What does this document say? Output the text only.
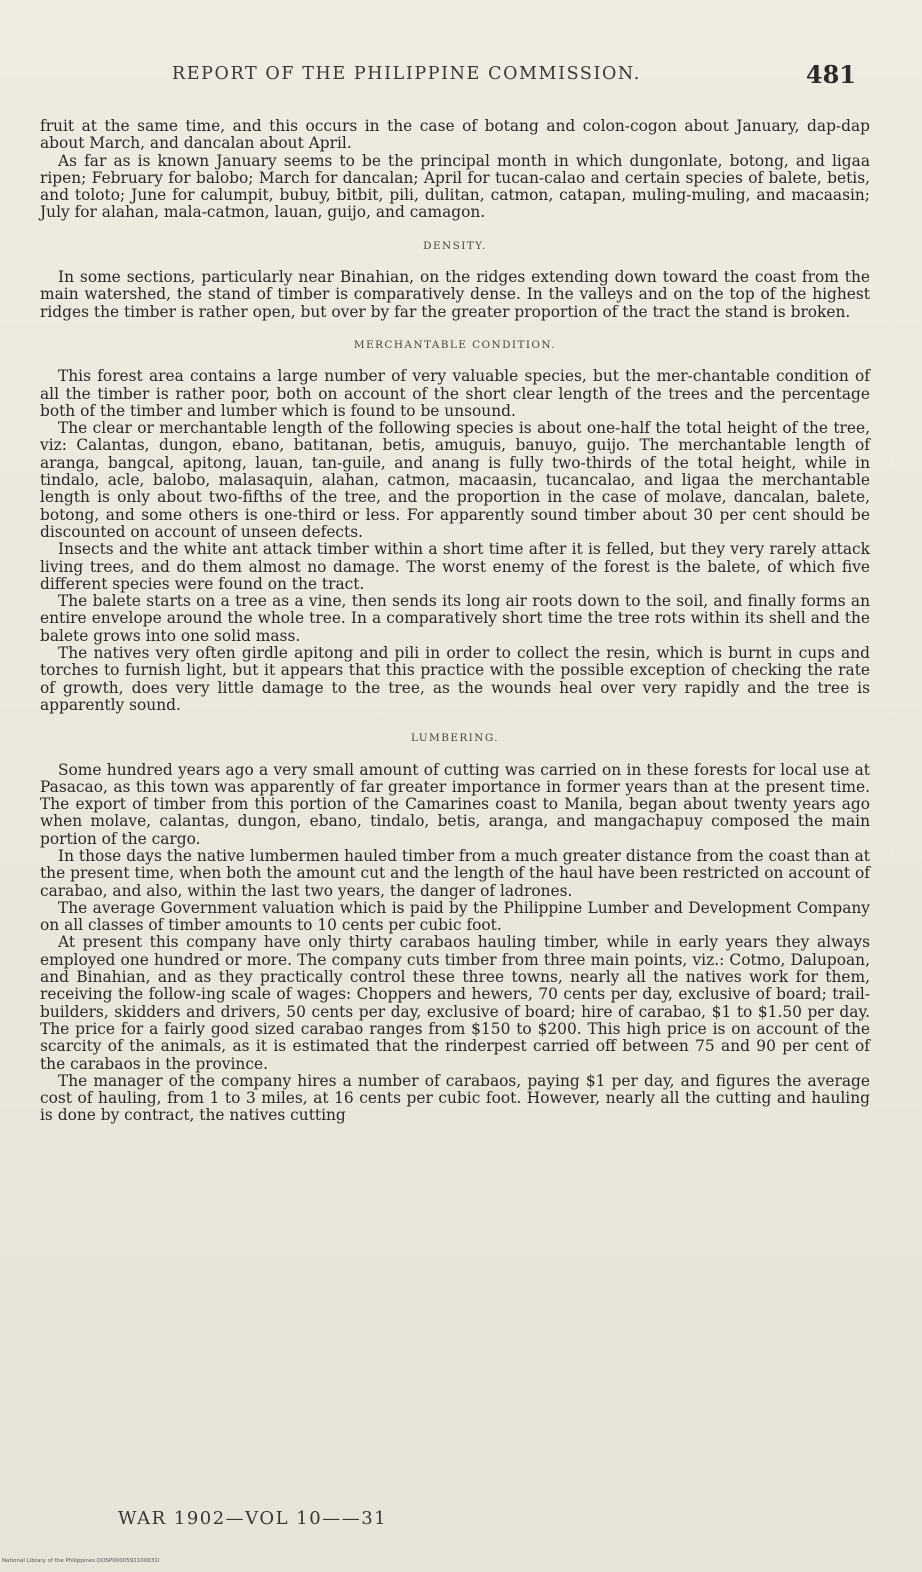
REPORT OF THE PHILIPPINE COMMISSION.	481

fruit at the same time, and this occurs in the case of botang and colon-cogon about January, dap-dap about March, and dancalan about April.

As far as is known January seems to be the principal month in which dungonlate, botong, and ligaa ripen; February for balobo; March for dancalan; April for tucan-calao and certain species of balete, betis, and toloto; June for calumpit, bubuy, bitbit, pili, dulitan, catmon, catapan, muling-muling, and macaasin; July for alahan, mala-catmon, lauan, guijo, and camagon.

DENSITY.

In some sections, particularly near Binahian, on the ridges extending down toward the coast from the main watershed, the stand of timber is comparatively dense. In the valleys and on the top of the highest ridges the timber is rather open, but over by far the greater proportion of the tract the stand is broken.

MERCHANTABLE CONDITION.

This forest area contains a large number of very valuable species, but the mer-chantable condition of all the timber is rather poor, both on account of the short clear length of the trees and the percentage both of the timber and lumber which is found to be unsound.

The clear or merchantable length of the following species is about one-half the total height of the tree, viz: Calantas, dungon, ebano, batitanan, betis, amuguis, banuyo, guijo. The merchantable length of aranga, bangcal, apitong, lauan, tan-guile, and anang is fully two-thirds of the total height, while in tindalo, acle, balobo, malasaquin, alahan, catmon, macaasin, tucancalao, and ligaa the merchantable length is only about two-fifths of the tree, and the proportion in the case of molave, dancalan, balete, botong, and some others is one-third or less. For apparently sound timber about 30 per cent should be discounted on account of unseen defects.

Insects and the white ant attack timber within a short time after it is felled, but they very rarely attack living trees, and do them almost no damage. The worst enemy of the forest is the balete, of which five different species were found on the tract.

The balete starts on a tree as a vine, then sends its long air roots down to the soil, and finally forms an entire envelope around the whole tree. In a comparatively short time the tree rots within its shell and the balete grows into one solid mass.

The natives very often girdle apitong and pili in order to collect the resin, which is burnt in cups and torches to furnish light, but it appears that this practice with the possible exception of checking the rate of growth, does very little damage to the tree, as the wounds heal over very rapidly and the tree is apparently sound.

LUMBERING.

Some hundred years ago a very small amount of cutting was carried on in these forests for local use at Pasacao, as this town was apparently of far greater importance in former years than at the present time. The export of timber from this portion of the Camarines coast to Manila, began about twenty years ago when molave, calantas, dungon, ebano, tindalo, betis, aranga, and mangachapuy composed the main portion of the cargo.

In those days the native lumbermen hauled timber from a much greater distance from the coast than at the present time, when both the amount cut and the length of the haul have been restricted on account of carabao, and also, within the last two years, the danger of ladrones.

The average Government valuation which is paid by the Philippine Lumber and Development Company on all classes of timber amounts to 10 cents per cubic foot.

At present this company have only thirty carabaos hauling timber, while in early years they always employed one hundred or more. The company cuts timber from three main points, viz.: Cotmo, Dalupoan, and Binahian, and as they practically control these three towns, nearly all the natives work for them, receiving the follow-ing scale of wages: Choppers and hewers, 70 cents per day, exclusive of board; trail-builders, skidders and drivers, 50 cents per day, exclusive of board; hire of carabao, $1 to $1.50 per day. The price for a fairly good sized carabao ranges from $150 to $200. This high price is on account of the scarcity of the animals, as it is estimated that the rinderpest carried off between 75 and 90 per cent of the carabaos in the province.

The manager of the company hires a number of carabaos, paying $1 per day, and figures the average cost of hauling, from 1 to 3 miles, at 16 cents per cubic foot. However, nearly all the cutting and hauling is done by contract, the natives cutting

WAR 1902—VOL 10——31
National Library of the Philippines DOSP0000592100031l
